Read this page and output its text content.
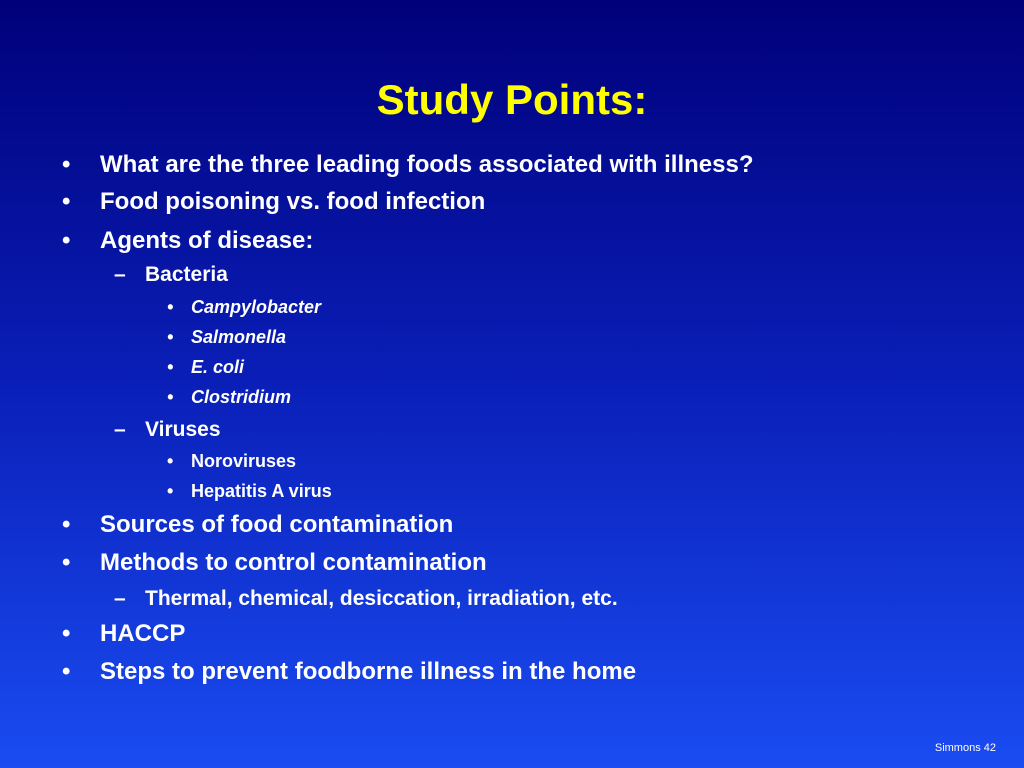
Study Points:
• What are the three leading foods associated with illness?
• Food poisoning vs. food infection
• Agents of disease:
– Bacteria
• Campylobacter
• Salmonella
• E. coli
• Clostridium
– Viruses
• Noroviruses
• Hepatitis A virus
• Sources of food contamination
• Methods to control contamination
– Thermal, chemical, desiccation, irradiation, etc.
• HACCP
• Steps to prevent foodborne illness in the home
Simmons 42
